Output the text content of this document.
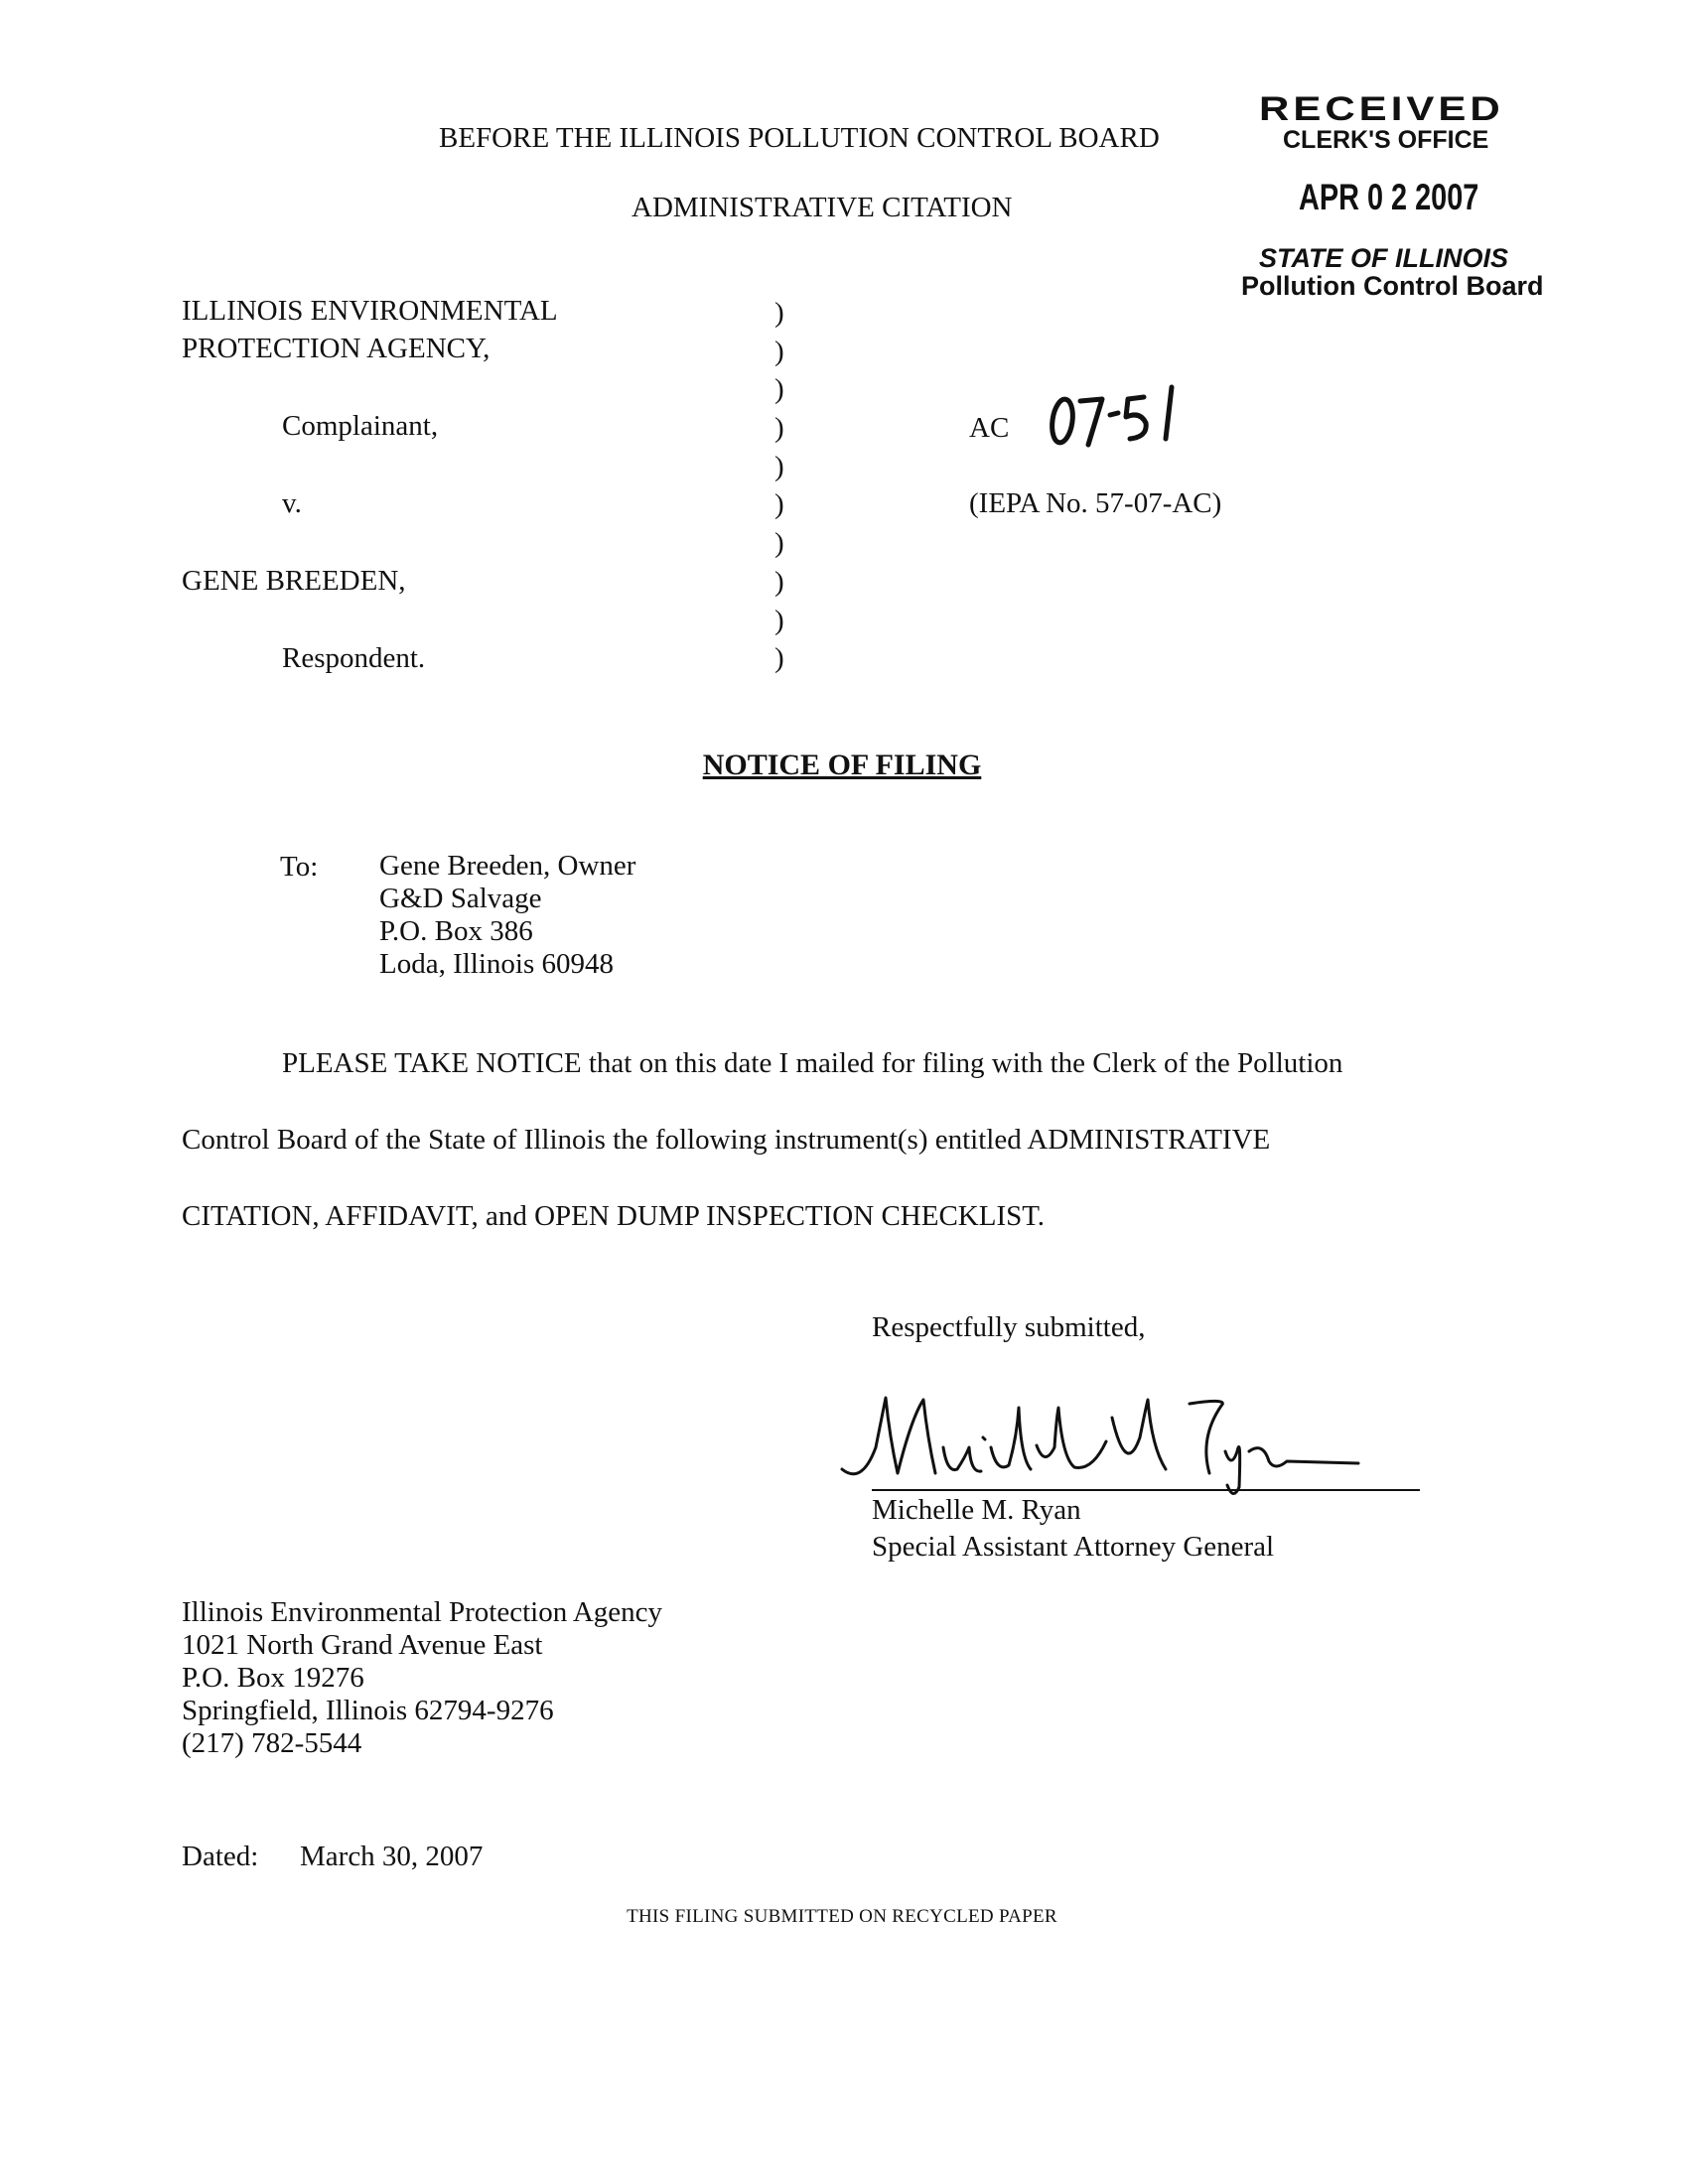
RECEIVED
CLERK'S OFFICE
APR 0 2 2007
STATE OF ILLINOIS
Pollution Control Board
BEFORE THE ILLINOIS POLLUTION CONTROL BOARD
ADMINISTRATIVE CITATION
ILLINOIS ENVIRONMENTAL
PROTECTION AGENCY,
Complainant,
v.
GENE BREEDEN,
Respondent.
)
)
)
)
)
)
)
)
)
)
AC
(IEPA No. 57-07-AC)
NOTICE OF FILING
To: Gene Breeden, Owner
G&D Salvage
P.O. Box 386
Loda, Illinois 60948
PLEASE TAKE NOTICE that on this date I mailed for filing with the Clerk of the Pollution
Control Board of the State of Illinois the following instrument(s) entitled ADMINISTRATIVE
CITATION, AFFIDAVIT, and OPEN DUMP INSPECTION CHECKLIST.
Respectfully submitted,
Michelle M. Ryan
Special Assistant Attorney General
Illinois Environmental Protection Agency
1021 North Grand Avenue East
P.O. Box 19276
Springfield, Illinois 62794-9276
(217) 782-5544
Dated: March 30, 2007
THIS FILING SUBMITTED ON RECYCLED PAPER
